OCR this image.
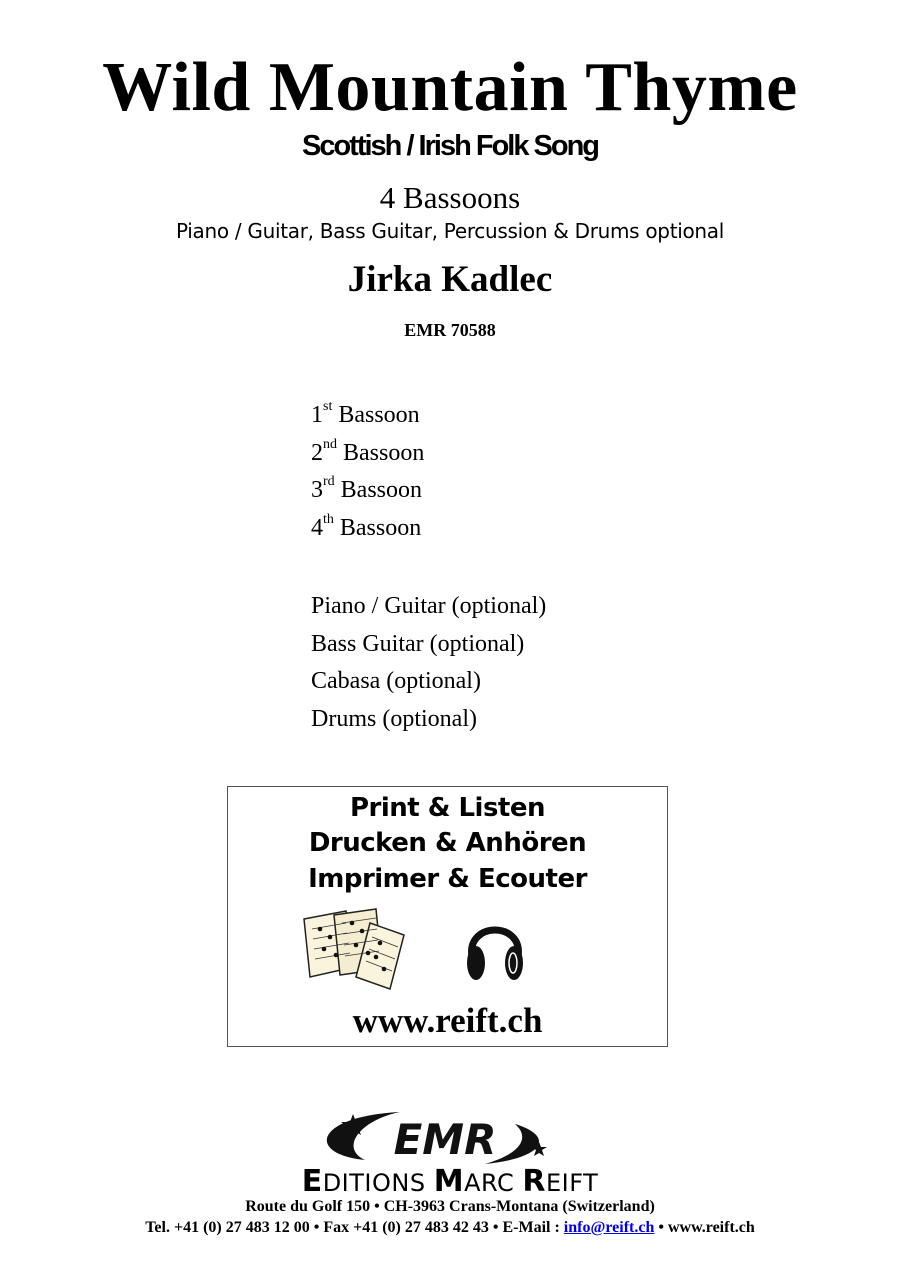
Wild Mountain Thyme
Scottish / Irish Folk Song
4 Bassoons
Piano / Guitar, Bass Guitar, Percussion & Drums optional
Jirka Kadlec
EMR 70588
1st Bassoon
2nd Bassoon
3rd Bassoon
4th Bassoon
Piano / Guitar (optional)
Bass Guitar (optional)
Cabasa (optional)
Drums (optional)
Print & Listen
Drucken & Anhören
Imprimer & Ecouter
www.reift.ch
EMR
EDITIONS MARC REIFT
Route du Golf 150 • CH-3963 Crans-Montana (Switzerland)
Tel. +41 (0) 27 483 12 00 • Fax +41 (0) 27 483 42 43 • E-Mail : info@reift.ch • www.reift.ch
